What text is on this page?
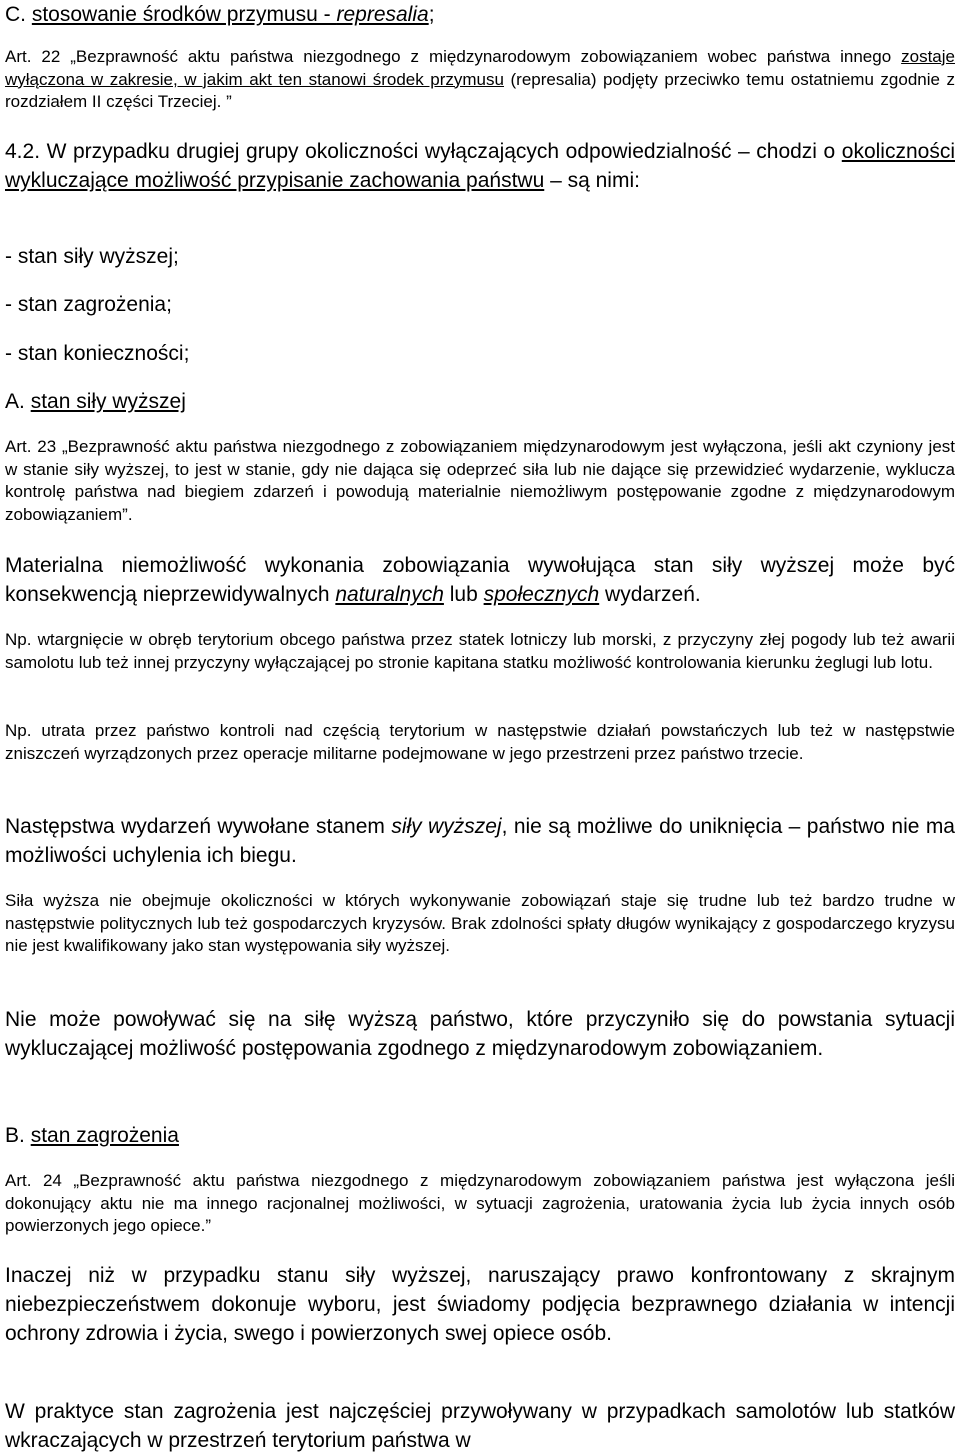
C. stosowanie środków przymusu - represalia;

Art. 22 „Bezprawność aktu państwa niezgodnego z międzynarodowym zobowiązaniem wobec państwa innego zostaje wyłączona w zakresie, w jakim akt ten stanowi środek przymusu (represalia) podjęty przeciwko temu ostatniemu zgodnie z rozdziałem II części Trzeciej. ”

4.2. W przypadku drugiej grupy okoliczności wyłączających odpowiedzialność – chodzi o okoliczności wykluczające możliwość przypisanie zachowania państwu – są nimi:

- stan siły wyższej;

- stan zagrożenia;

- stan konieczności;

A. stan siły wyższej

Art. 23 „Bezprawność aktu państwa niezgodnego z zobowiązaniem międzynarodowym jest wyłączona, jeśli akt czyniony jest w stanie siły wyższej, to jest w stanie, gdy nie dająca się odeprzeć siła lub nie dające się przewidzieć wydarzenie, wyklucza kontrolę państwa nad biegiem zdarzeń i powodują materialnie niemożliwym postępowanie zgodne z międzynarodowym zobowiązaniem”.

Materialna niemożliwość wykonania zobowiązania wywołująca stan siły wyższej może być konsekwencją nieprzewidywalnych naturalnych lub społecznych wydarzeń.

Np. wtargnięcie w obręb terytorium obcego państwa przez statek lotniczy lub morski, z przyczyny złej pogody lub też awarii samolotu lub też innej przyczyny wyłączającej po stronie kapitana statku możliwość kontrolowania kierunku żeglugi lub lotu.

Np. utrata przez państwo kontroli nad częścią terytorium w następstwie działań powstańczych lub też w następstwie zniszczeń wyrządzonych przez operacje militarne podejmowane w jego przestrzeni przez państwo trzecie.

Następstwa wydarzeń wywołane stanem siły wyższej, nie są możliwe do uniknięcia – państwo nie ma możliwości uchylenia ich biegu.

Siła wyższa nie obejmuje okoliczności w których wykonywanie zobowiązań staje się trudne lub też bardzo trudne w następstwie politycznych lub też gospodarczych kryzysów. Brak zdolności spłaty długów wynikający z gospodarczego kryzysu nie jest kwalifikowany jako stan występowania siły wyższej.

Nie może powoływać się na siłę wyższą państwo, które przyczyniło się do powstania sytuacji wykluczającej możliwość postępowania zgodnego z międzynarodowym zobowiązaniem.

B. stan zagrożenia

Art. 24 „Bezprawność aktu państwa niezgodnego z międzynarodowym zobowiązaniem państwa jest wyłączona jeśli dokonujący aktu nie ma innego racjonalnej możliwości, w sytuacji zagrożenia, uratowania życia lub życia innych osób powierzonych jego opiece.”

Inaczej niż w przypadku stanu siły wyższej, naruszający prawo konfrontowany z skrajnym niebezpieczeństwem dokonuje wyboru, jest świadomy podjęcia bezprawnego działania w intencji ochrony zdrowia i życia, swego i powierzonych swej opiece osób.

W praktyce stan zagrożenia jest najczęściej przywoływany w przypadkach samolotów lub statków wkraczających w przestrzeń terytorium państwa w
